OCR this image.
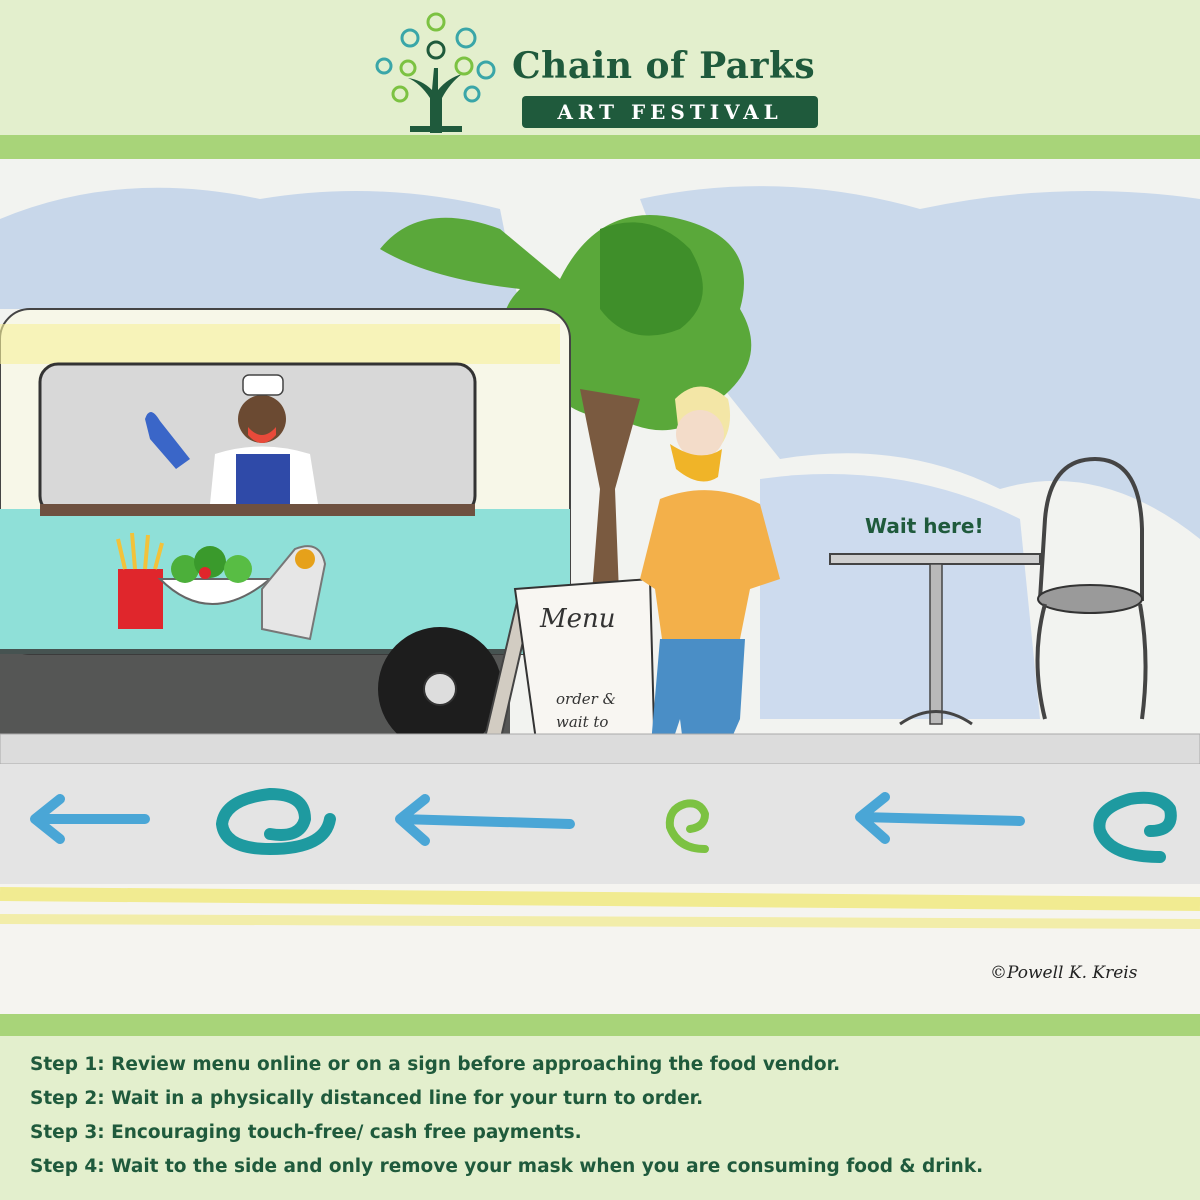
Chain of Parks
ART FESTIVAL
Menu
order &
wait to
Wait here!
©Powell K. Kreis
Step 1: Review menu online or on a sign before approaching the food vendor.
Step 2: Wait in a physically distanced line for your turn to order.
Step 3: Encouraging touch-free/ cash free payments.
Step 4: Wait to the side and only remove your mask when you are consuming food & drink.
